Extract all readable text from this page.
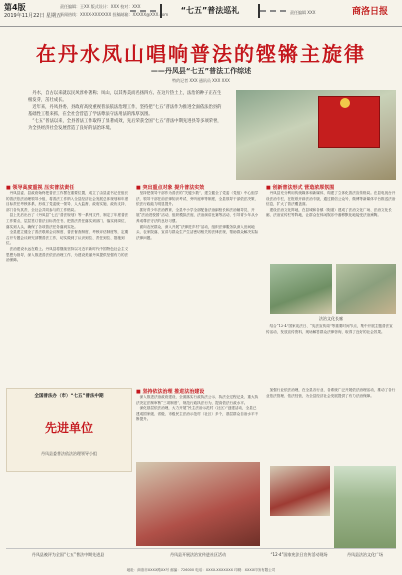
第4版
2019年11月22日 星期五
责任编辑：王XX 版式设计：XXX 校对：XXX
新闻热线：XXXX-XXXXXXX 投稿邮箱：XXXXX@XXX.com	“七五”普法巡礼	责任编辑 XXX	商洛日报
在丹水凤山唱响普法的铿锵主旋律
——丹凤县“七五”普法工作综述
特约记者 XXX 通讯员 XXX XXX

丹水，自古以来就以民风淳朴著称；凤山，以其秀美而名扬四方。在这片热土上，法治的种子正在生根发芽，茁壮成长。

近年来，丹凤县委、县政府高度重视普法依法治理工作，坚持把“七五”普法作为推进全面依法治县的基础性工程来抓，在全社会营造了学法尊法守法用法的浓厚氛围。

“七五”普法以来，全县普法工作取得了显著成效，先后荣获全国“七五”普法中期先进县等多项荣誉，为全县经济社会发展营造了良好的法治环境。

■ 领导高度重视 压实普法责任

丹凤县委、县政府始终把普法工作摆在重要位置，成立了由县委书记任组长的普法依法治理领导小组，将普法工作纳入全县经济社会发展总体规划和年度目标责任考核体系，形成了党委统一领导、人大监督、政府实施、政协支持、部门各负其责、全社会共同参与的工作格局。

县上先后出台了《丹凤县“七五”普法规划》等一系列文件，制定了年度普法工作要点，层层签订普法目标责任书，把普法责任落实到部门、落实到岗位、落实到人头，确保了各项普法任务落到实处。

全县建立健全了普法联席会议制度、普法督查制度、考核评估制度等，定期召开专题会议研究部署普法工作，切实做到了认识到位、责任到位、措施到位。

法治建设永远在路上。丹凤县将继续坚持以习近平新时代中国特色社会主义思想为指导，深入推进普法依法治理工作，为建设美丽丹凤提供坚强有力的法治保障。

■ 突出重点对象 提升普法实效

坚持把领导干部作为普法的“关键少数”，建立健全了党委（党组）中心组学法、领导干部任前法律知识考试、旁听庭审等制度，全县领导干部依法决策、依法行政能力明显提升。

抓好青少年法治教育，全县中小学全部配备法治副校长和法治辅导员，开展“法治进校园”活动，组织模拟法庭、法治演讲比赛等活动，引导青少年从小养成尊法守法的良好习惯。

面向农民群众，深入开展“法律进乡村”活动，组织法律服务队深入田间地头、农家院落，宣讲与群众生产生活密切相关的法律法规，帮助群众解决实际法律问题。

■ 创新普法形式 营造浓厚氛围

丹凤县充分利用传统媒体和新媒体，构建了立体化普法宣传格局。在县电视台开设法治专栏，在报纸开辟法治专版，通过微信公众号、微博等新媒体平台推送法治信息，扩大了普法覆盖面。

建设法治文化阵地，在县城和各镇（街道）建成了法治文化广场、法治文化长廊、法治宣传栏等阵地，让群众在休闲娱乐中潜移默化地接受法治熏陶。

法治文化长廊

结合“12·4”国家宪法日、“宪法宣传周”等重要时间节点，集中开展主题普法宣传活动，发放宣传资料，现场解答群众法律咨询，取得了良好的社会效果。

全国普法办（市）“七五”普法中期
先进单位
丹凤县委普法依法治理领导小组
■ 坚持依法治理 推进法治建设

深入推进法治政府建设，全面落实行政执法公示、执法全过程记录、重大执法决定法制审核“三项制度”，规范行政执法行为，提高依法行政水平。

深化基层依法治理，大力开展“民主法治示范村（社区）”创建活动，全县已建成国家级、省级、市级民主法治示范村（社区）多个，基层群众自治水平不断提升。

加强行业依法治理，在全县各行业、各系统广泛开展依法治理活动，推动了各行业依法管理、依法经营，为全县经济社会发展提供了有力法治保障。

丹凤县被评为全国“七五”普法中期先进县	丹凤县开展法治宣传进社区活动	“12·4”国家宪法日宣传活动现场	丹凤县法治文化广场
地址：商洛市XXXX路XX号 邮编：726000 电话：XXXX-XXXXXXX 印刷：XXXX印务有限公司
